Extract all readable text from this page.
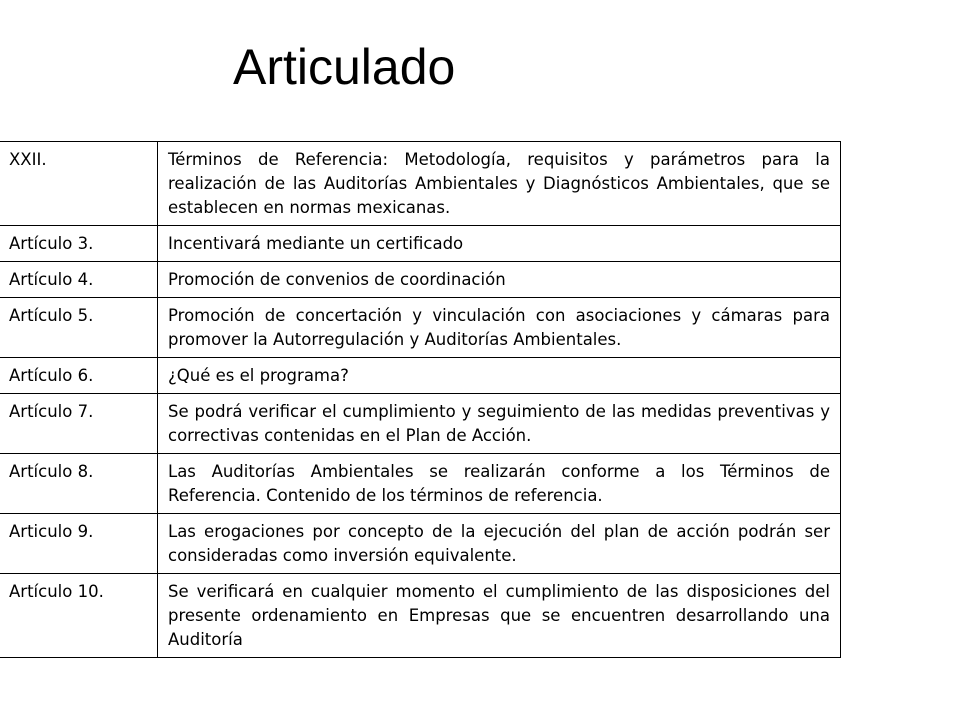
Articulado
XXII.	Términos de Referencia: Metodología, requisitos y parámetros para la realización de las Auditorías Ambientales y Diagnósticos Ambientales, que se establecen en normas mexicanas.
Artículo 3.	Incentivará mediante un certificado
Artículo 4.	Promoción de convenios de coordinación
Artículo 5.	Promoción de concertación y vinculación con asociaciones y cámaras para promover la Autorregulación y Auditorías Ambientales.
Artículo 6.	¿Qué es el programa?
Artículo 7.	Se podrá verificar el cumplimiento y seguimiento de las medidas preventivas y correctivas contenidas en el Plan de Acción.
Artículo 8.	Las Auditorías Ambientales se realizarán conforme a los Términos de Referencia. Contenido de los términos de referencia.
Articulo 9.	Las erogaciones por concepto de la ejecución del plan de acción podrán ser consideradas como inversión equivalente.
Artículo 10.	Se verificará en cualquier momento el cumplimiento de las disposiciones del presente ordenamiento en Empresas que se encuentren desarrollando una Auditoría
